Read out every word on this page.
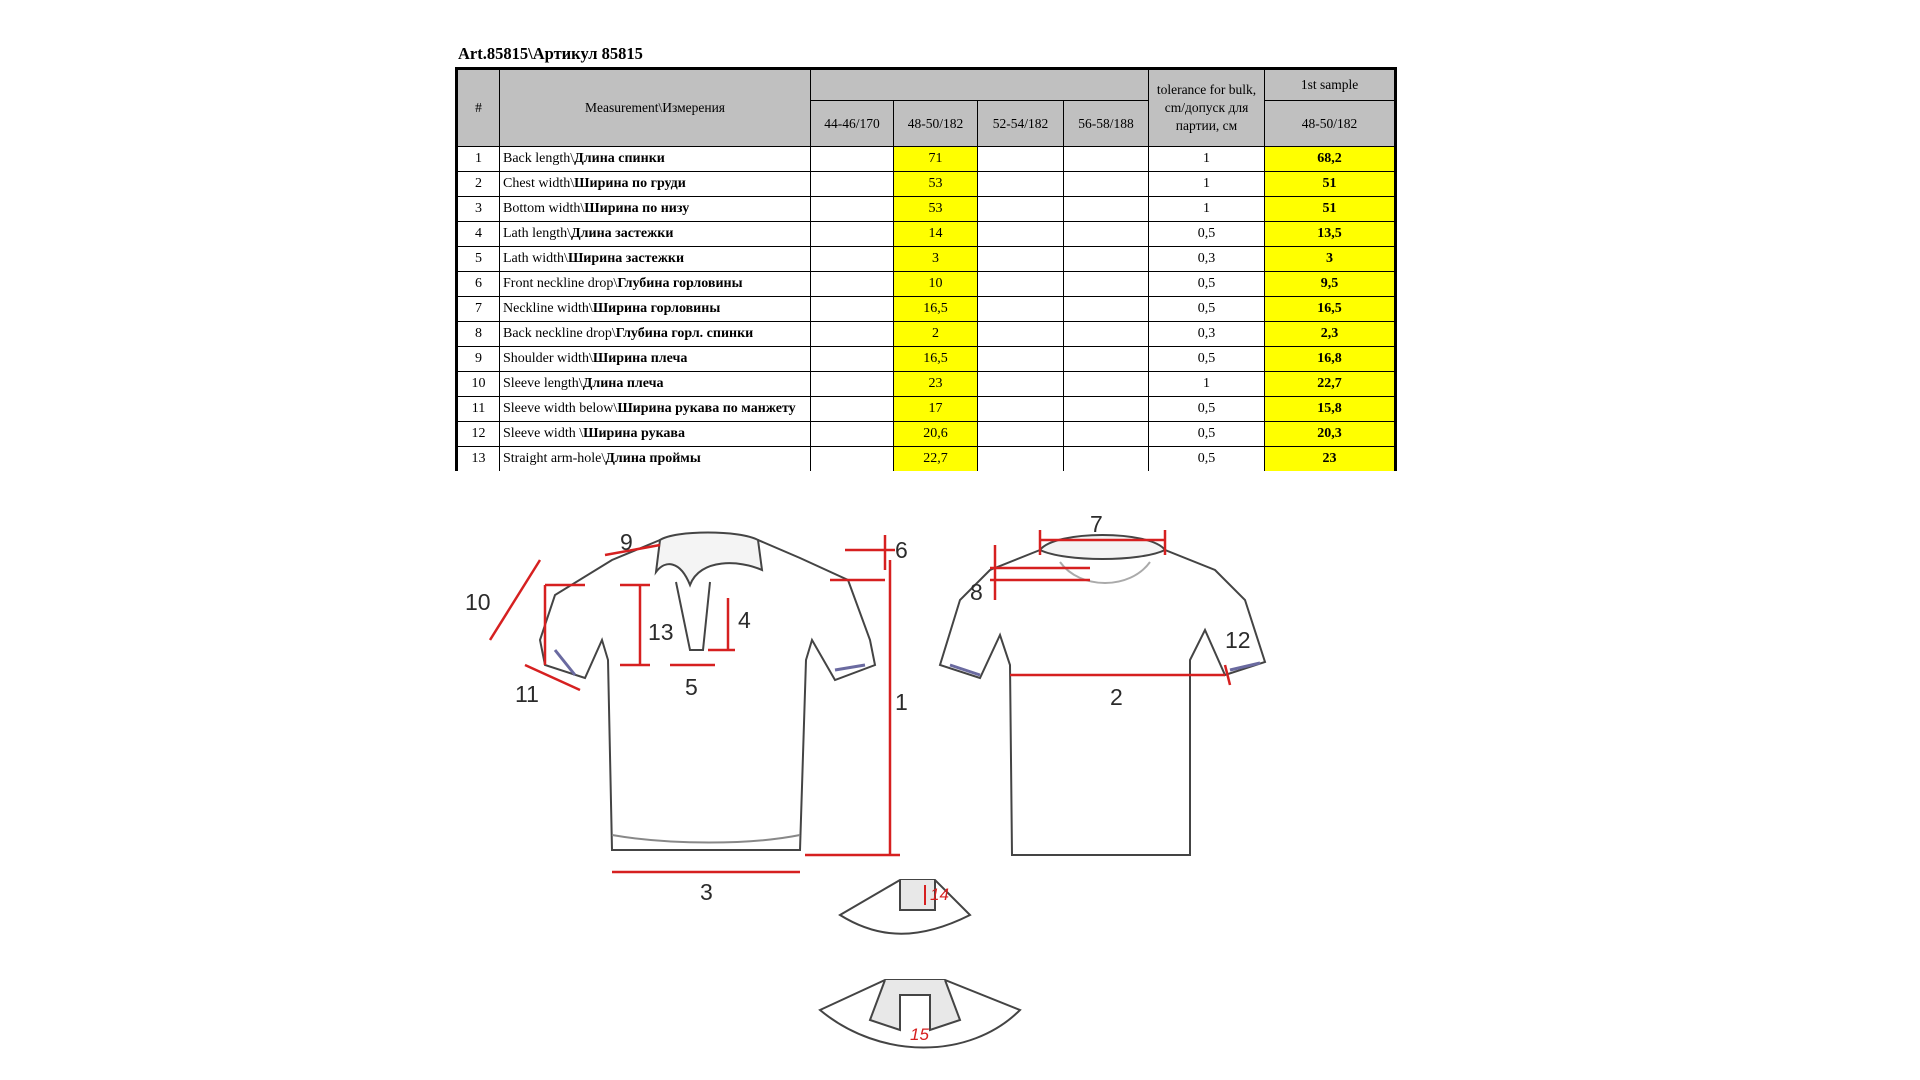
Art.85815\Артикул 85815
#	Measurement\Измерения					tolerance for bulk, cm/допуск для партии, см	1st sample
		44-46/170	48-50/182	52-54/182	56-58/188		48-50/182
1	Back length\Длина спинки		71			1	68,2
2	Chest width\Ширина по груди		53			1	51
3	Bottom width\Ширина по низу		53			1	51
4	Lath length\Длина застежки		14			0,5	13,5
5	Lath width\Ширина застежки		3			0,3	3
6	Front neckline drop\Глубина горловины		10			0,5	9,5
7	Neckline width\Ширина горловины		16,5			0,5	16,5
8	Back neckline drop\Глубина горл. спинки		2			0,3	2,3
9	Shoulder width\Ширина плеча		16,5			0,5	16,8
10	Sleeve length\Длина плеча		23			1	22,7
11	Sleeve width below\Ширина рукава по манжету		17			0,5	15,8
12	Sleeve width \Ширина рукава		20,6			0,5	20,3
13	Straight arm-hole\Длина проймы		22,7			0,5	23
9	6
10
13	4
5
11	1
3
7
8
12
2
14
15
